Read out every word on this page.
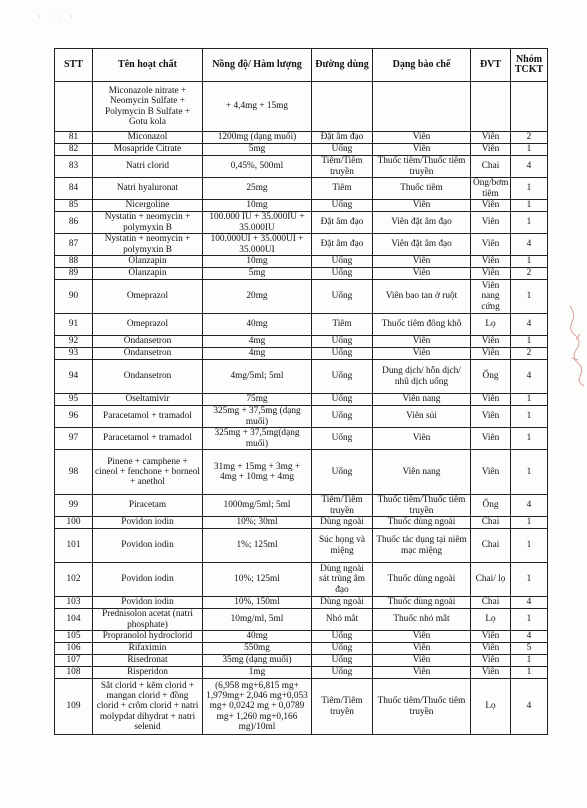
· · · ·
STT	Tên hoạt chất	Nồng độ/ Hàm lượng	Đường dùng	Dạng bào chế	ĐVT	Nhóm TCKT
	Miconazole nitrate + Neomycin Sulfate + Polymycin B Sulfate + Gotu kola	+ 4,4mg + 15mg				
81	Miconazol	1200mg (dạng muối)	Đặt âm đạo	Viên	Viên	2
82	Mosapride Citrate	5mg	Uống	Viên	Viên	1
83	Natri clorid	0,45%, 500ml	Tiêm/Tiêm truyền	Thuốc tiêm/Thuốc tiêm truyền	Chai	4
84	Natri hyaluronat	25mg	Tiêm	Thuốc tiêm	Ống/bơm tiêm	1
85	Nicergoline	10mg	Uống	Viên	Viên	1
86	Nystatin + neomycin + polymyxin B	100.000 IU + 35.000IU + 35.000IU	Đặt âm đạo	Viên đặt âm đạo	Viên	1
87	Nystatin + neomycin + polymyxin B	100.000UI + 35.000UI + 35.000UI	Đặt âm đạo	Viên đặt âm đạo	Viên	4
88	Olanzapin	10mg	Uống	Viên	Viên	1
89	Olanzapin	5mg	Uống	Viên	Viên	2
90	Omeprazol	20mg	Uống	Viên bao tan ở ruột	Viên nang cứng	1
91	Omeprazol	40mg	Tiêm	Thuốc tiêm đông khô	Lọ	4
92	Ondansetron	4mg	Uống	Viên	Viên	1
93	Ondansetron	4mg	Uống	Viên	Viên	2
94	Ondansetron	4mg/5ml; 5ml	Uống	Dung dịch/ hỗn dịch/ nhũ dịch uống	Ống	4
95	Oseltamivir	75mg	Uống	Viên nang	Viên	1
96	Paracetamol + tramadol	325mg + 37,5mg (dạng muối)	Uống	Viên sủi	Viên	1
97	Paracetamol + tramadol	325mg + 37,5mg(dạng muối)	Uống	Viên	Viên	1
98	Pinene + camphene + cineol + fenchone + borneol + anethol	31mg + 15mg + 3mg + 4mg + 10mg + 4mg	Uống	Viên nang	Viên	1
99	Piracetam	1000mg/5ml; 5ml	Tiêm/Tiêm truyền	Thuốc tiêm/Thuốc tiêm truyền	Ống	4
100	Povidon iodin	10%; 30ml	Dùng ngoài	Thuốc dùng ngoài	Chai	1
101	Povidon iodin	1%; 125ml	Súc họng và miệng	Thuốc tác dụng tại niêm mạc miệng	Chai	1
102	Povidon iodin	10%; 125ml	Dùng ngoài sát trùng âm đạo	Thuốc dùng ngoài	Chai/ lọ	1
103	Povidon iodin	10%, 150ml	Dùng ngoài	Thuốc dùng ngoài	Chai	4
104	Prednisolon acetat (natri phosphate)	10mg/ml, 5ml	Nhỏ mắt	Thuốc nhỏ mắt	Lọ	1
105	Propranolol hydroclorid	40mg	Uống	Viên	Viên	4
106	Rifaximin	550mg	Uống	Viên	Viên	5
107	Risedronat	35mg (dạng muối)	Uống	Viên	Viên	1
108	Risperidon	1mg	Uống	Viên	Viên	1
109	Sắt clorid + kẽm clorid + mangan clorid + đồng clorid + crôm clorid + natri molypdat dihydrat + natri selenid	(6,958 mg+6,815 mg+ 1,979mg+ 2,046 mg+0,053 mg+ 0,0242 mg + 0,0789 mg+ 1,260 mg+0,166 mg)/10ml	Tiêm/Tiêm truyền	Thuốc tiêm/Thuốc tiêm truyền	Lọ	4
